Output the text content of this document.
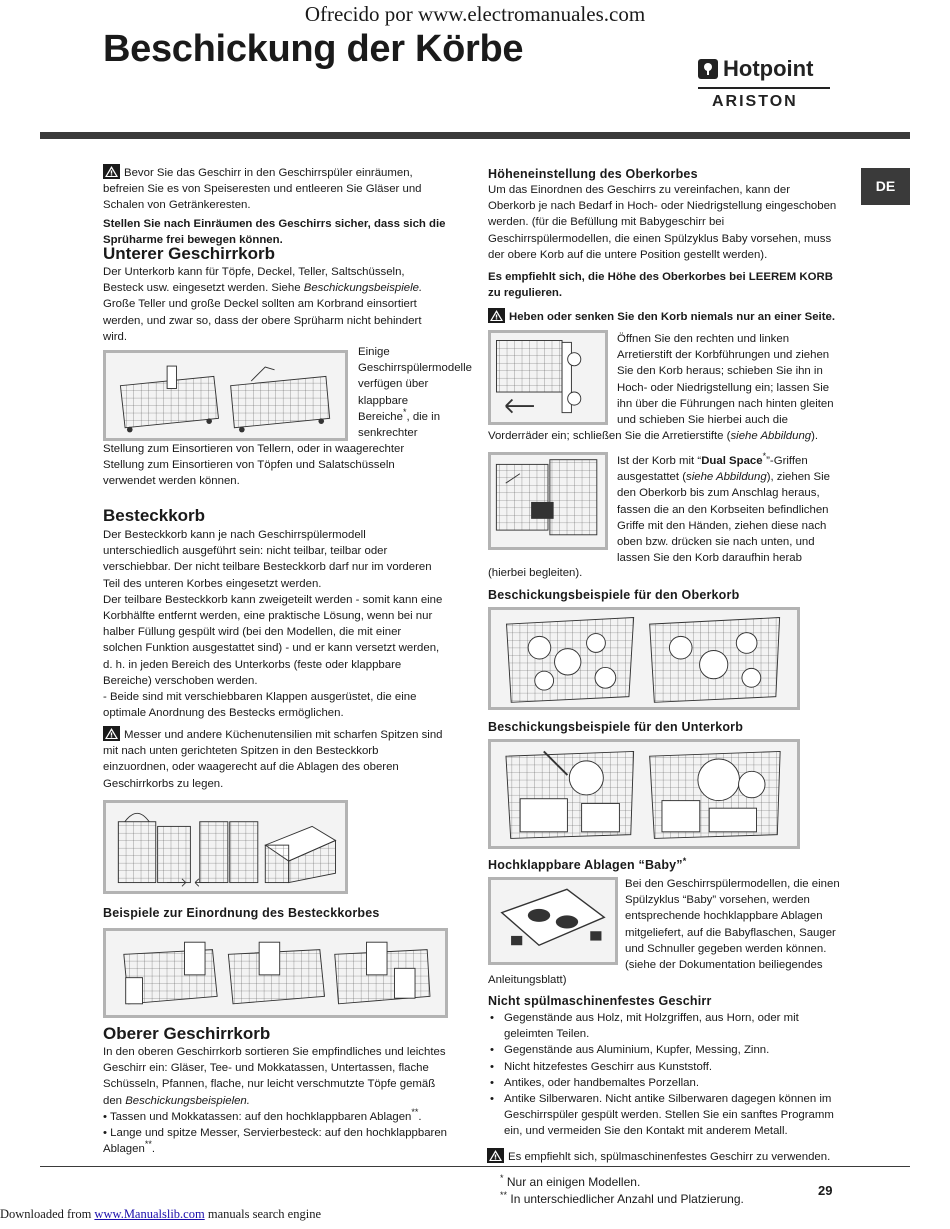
Ofrecido por www.electromanuales.com
Beschickung der Körbe	Hotpoint
ARISTON
DE

Bevor Sie das Geschirr in den Geschirrspüler einräumen, befreien Sie es von Speiseresten und entleeren Sie Gläser und Schalen von Getränkeresten.

Stellen Sie nach Einräumen des Geschirrs sicher, dass sich die Sprüharme frei bewegen können.

Unterer Geschirrkorb

Der Unterkorb kann für Töpfe, Deckel, Teller, Saltschüsseln, Besteck usw. eingesetzt werden. Siehe Beschickungsbeispiele. Große Teller und große Deckel sollten am Korbrand einsortiert werden, und zwar so, dass der obere Sprüharm nicht behindert wird.

Einige Geschirrspülermodelle verfügen über klappbare Bereiche*, die in senkrechter

Stellung zum Einsortieren von Tellern, oder in waagerechter Stellung zum Einsortieren von Töpfen und Salatschüsseln verwendet werden können.

Besteckkorb

Der Besteckkorb kann je nach Geschirrspülermodell unterschiedlich ausgeführt sein: nicht teilbar, teilbar oder verschiebbar. Der nicht teilbare Besteckkorb darf nur im vorderen Teil des unteren Korbes eingesetzt werden.

Der teilbare Besteckkorb kann zweigeteilt werden - somit kann eine Korbhälfte entfernt werden, eine praktische Lösung, wenn bei nur halber Füllung gespült wird (bei den Modellen, die mit einer solchen Funktion ausgestattet sind) - und er kann versetzt werden, d. h. in jeden Bereich des Unterkorbs (feste oder klappbare Bereiche) verschoben werden.

- Beide sind mit verschiebbaren Klappen ausgerüstet, die eine optimale Anordnung des Bestecks ermöglichen.

Messer und andere Küchenutensilien mit scharfen Spitzen sind mit nach unten gerichteten Spitzen in den Besteckkorb einzuordnen, oder waagerecht auf die Ablagen des oberen Geschirrkorbs zu legen.

Beispiele zur Einordnung des Besteckkorbes
Oberer Geschirrkorb

In den oberen Geschirrkorb sortieren Sie empfindliches und leichtes Geschirr ein: Gläser, Tee- und Mokkatassen, Untertassen, flache Schüsseln, Pfannen, flache, nur leicht verschmutzte Töpfe gemäß den Beschickungsbeispielen.

• Tassen und Mokkatassen: auf den hochklappbaren Ablagen**.

• Lange und spitze Messer, Servierbesteck: auf den hochklappbaren Ablagen**.

Höheneinstellung des Oberkorbes

Um das Einordnen des Geschirrs zu vereinfachen, kann der Oberkorb je nach Bedarf in Hoch- oder Niedrigstellung eingeschoben werden. (für die Befüllung mit Babygeschirr bei Geschirrspülermodellen, die einen Spülzyklus Baby vorsehen, muss der obere Korb auf die untere Position gestellt werden).

Es empfiehlt sich, die Höhe des Oberkorbes bei LEEREM KORB zu regulieren.

Heben oder senken Sie den Korb niemals nur an einer Seite.

Öffnen Sie den rechten und linken Arretierstift der Korbführungen und ziehen Sie den Korb heraus; schieben Sie ihn in Hoch- oder Niedrigstellung ein; lassen Sie ihn über die Führungen nach hinten gleiten und schieben Sie hierbei auch die

Vorderräder ein; schließen Sie die Arretierstifte (siehe Abbildung).

Ist der Korb mit “Dual Space*”-Griffen ausgestattet (siehe Abbildung), ziehen Sie den Oberkorb bis zum Anschlag heraus, fassen die an den Korbseiten befindlichen Griffe mit den Händen, ziehen diese nach oben bzw. drücken sie nach unten, und lassen Sie den Korb daraufhin herab

(hierbei begleiten).

Beschickungsbeispiele für den Oberkorb
Beschickungsbeispiele für den Unterkorb
Hochklappbare Ablagen “Baby”*

Bei den Geschirrspülermodellen, die einen Spülzyklus “Baby” vorsehen, werden entsprechende hochklappbare Ablagen mitgeliefert, auf die Babyflaschen, Sauger und Schnuller gegeben werden können. (siehe der Dokumentation beiliegendes

Anleitungsblatt)

Nicht spülmaschinenfestes Geschirr
• Gegenstände aus Holz, mit Holzgriffen, aus Horn, oder mit geleimten Teilen.
• Gegenstände aus Aluminium, Kupfer, Messing, Zinn.
• Nicht hitzefestes Geschirr aus Kunststoff.
• Antikes, oder handbemaltes Porzellan.
• Antike Silberwaren. Nicht antike Silberwaren dagegen können im Geschirrspüler gespült werden. Stellen Sie ein sanftes Programm ein, und vermeiden Sie den Kontakt mit anderem Metall.

Es empfiehlt sich, spülmaschinenfestes Geschirr zu verwenden.

* Nur an einigen Modellen.
** In unterschiedlicher Anzahl und Platzierung.
29
Downloaded from www.Manualslib.com manuals search engine
